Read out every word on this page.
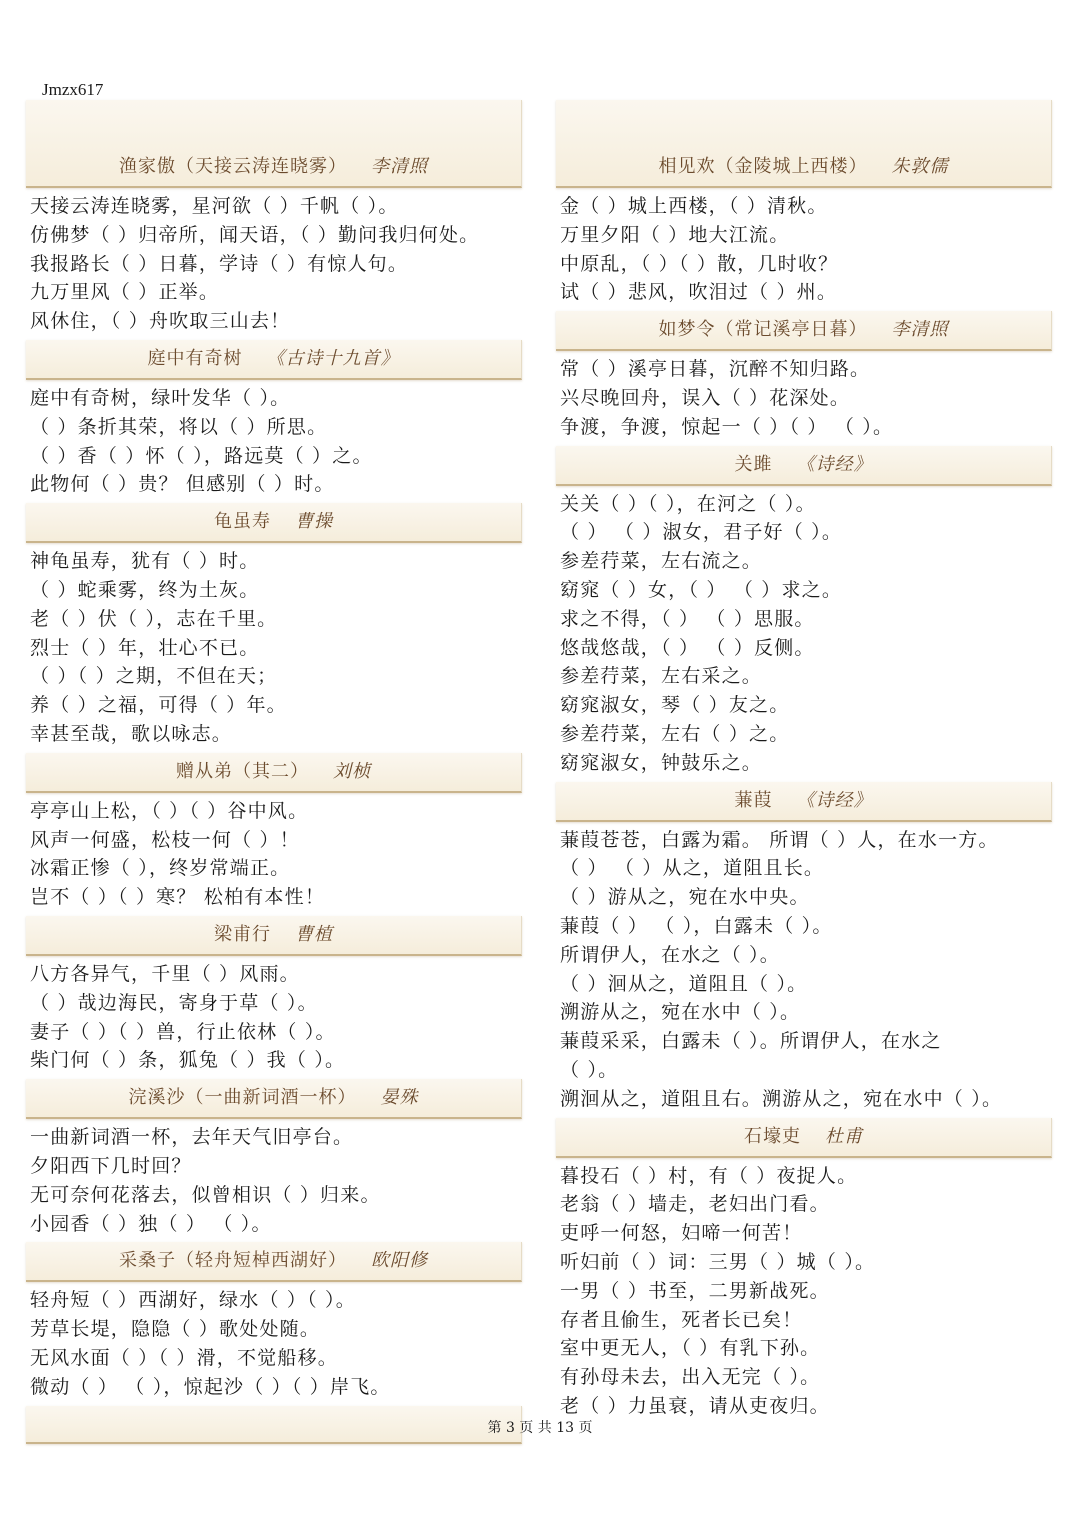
Jmzx617
渔家傲（天接云涛连晓雾） 李清照
天接云涛连晓雾，星河欲（ ）千帆（ ）。
仿佛梦（ ）归帝所，闻天语，（ ）勤问我归何处。
我报路长（ ）日暮，学诗（ ）有惊人句。
九万里风（ ）正举。
风休住，（ ）舟吹取三山去！
庭中有奇树 《古诗十九首》
庭中有奇树，绿叶发华（ ）。
（ ）条折其荣，将以（ ）所思。
（ ）香（ ）怀（ ），路远莫（ ）之。
此物何（ ）贵？ 但感别（ ）时。
龟虽寿 曹操
神龟虽寿，犹有（ ）时。
（ ）蛇乘雾，终为土灰。
老（ ）伏（ ），志在千里。
烈士（ ）年，壮心不已。
（ ）（ ）之期，不但在天；
养（ ）之福，可得（ ）年。
幸甚至哉，歌以咏志。
赠从弟（其二） 刘桢
亭亭山上松，（ ）（ ）谷中风。
风声一何盛，松枝一何（ ）！
冰霜正惨（ ），终岁常端正。
岂不（ ）（ ）寒？ 松柏有本性！
梁甫行 曹植
八方各异气，千里（ ）风雨。
（ ）哉边海民，寄身于草（ ）。
妻子（ ）（ ）兽，行止依林（ ）。
柴门何（ ）条，狐兔（ ）我（ ）。
浣溪沙（一曲新词酒一杯） 晏殊
一曲新词酒一杯，去年天气旧亭台。
夕阳西下几时回？
无可奈何花落去，似曾相识（ ）归来。
小园香（ ）独（ ） （ ）。
采桑子（轻舟短棹西湖好） 欧阳修
轻舟短（ ）西湖好，绿水（ ）（ ）。
芳草长堤，隐隐（ ）歌处处随。
无风水面（ ）（ ）滑，不觉船移。
微动（ ） （ ），惊起沙（ ）（ ）岸飞。
相见欢（金陵城上西楼） 朱敦儒
金（ ）城上西楼，（ ）清秋。
万里夕阳（ ）地大江流。
中原乱，（ ）（ ）散，几时收？
试（ ）悲风，吹泪过（ ）州。
如梦令（常记溪亭日暮） 李清照
常（ ）溪亭日暮，沉醉不知归路。
兴尽晚回舟，误入（ ）花深处。
争渡，争渡，惊起一（ ）（ ） （ ）。
关雎 《诗经》
关关（ ）（ ），在河之（ ）。
（ ） （ ）淑女，君子好（ ）。
参差荇菜，左右流之。
窈窕（ ）女，（ ） （ ）求之。
求之不得，（ ） （ ）思服。
悠哉悠哉，（ ） （ ）反侧。
参差荇菜，左右采之。
窈窕淑女，琴（ ）友之。
参差荇菜，左右（ ）之。
窈窕淑女，钟鼓乐之。
蒹葭 《诗经》
蒹葭苍苍，白露为霜。 所谓（ ）人，在水一方。
（ ） （ ）从之，道阻且长。
（ ）游从之，宛在水中央。
蒹葭（ ） （ ），白露未（ ）。
所谓伊人，在水之（ ）。
（ ）洄从之，道阻且（ ）。
溯游从之，宛在水中（ ）。
蒹葭采采，白露未（ ）。所谓伊人，在水之
（ ）。
溯洄从之，道阻且右。溯游从之，宛在水中（ ）。
石壕吏 杜甫
暮投石（ ）村，有（ ）夜捉人。
老翁（ ）墙走，老妇出门看。
吏呼一何怒，妇啼一何苦！
听妇前（ ）词：三男（ ）城（ ）。
一男（ ）书至，二男新战死。
存者且偷生，死者长已矣！
室中更无人，（ ）有乳下孙。
有孙母未去，出入无完（ ）。
老（ ）力虽衰，请从吏夜归。
第 3 页 共 13 页
